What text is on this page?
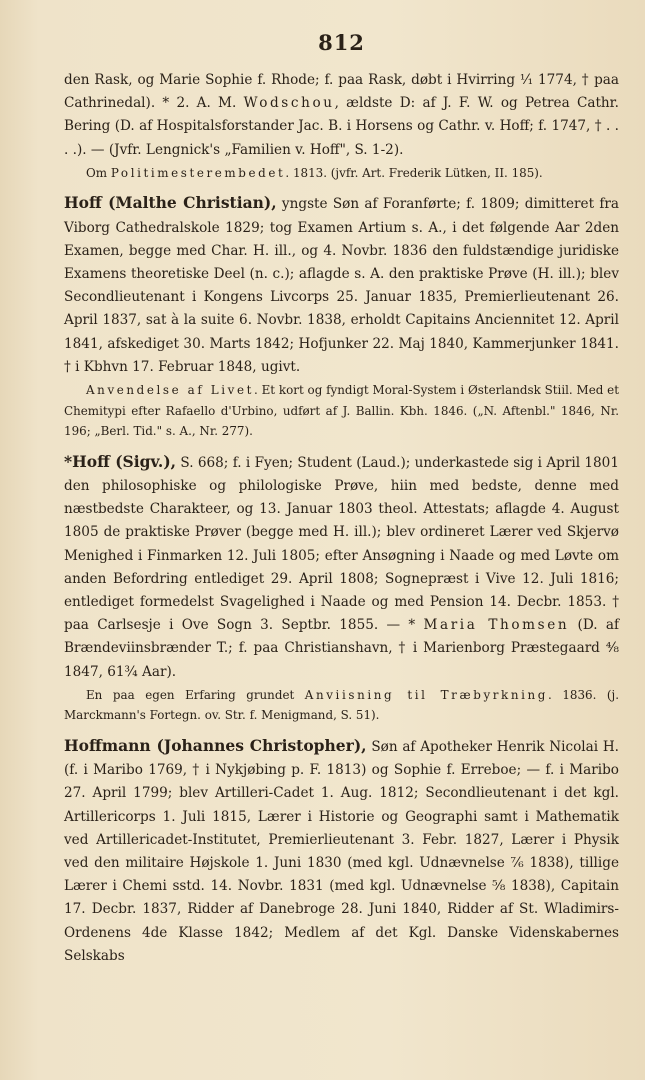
812

den Rask, og Marie Sophie f. Rhode; f. paa Rask, døbt i Hvirring ¹⁄₁ 1774, † paa Cathrinedal). * 2. A. M. Wodschou, ældste D: af J. F. W. og Petrea Cathr. Bering (D. af Hospitalsforstander Jac. B. i Horsens og Cathr. v. Hoff; f. 1747, † . . . .). — (Jvfr. Lengnick's „Familien v. Hoff", S. 1-2).

Om Politimesterembedet. 1813. (jvfr. Art. Frederik Lütken, II. 185).

Hoff (Malthe Christian), yngste Søn af Foranførte; f. 1809; dimitteret fra Viborg Cathedralskole 1829; tog Examen Artium s. A., i det følgende Aar 2den Examen, begge med Char. H. ill., og 4. Novbr. 1836 den fuldstændige juridiske Examens theoretiske Deel (n. c.); aflagde s. A. den praktiske Prøve (H. ill.); blev Secondlieutenant i Kongens Livcorps 25. Januar 1835, Premierlieutenant 26. April 1837, sat à la suite 6. Novbr. 1838, erholdt Capitains Anciennitet 12. April 1841, afskediget 30. Marts 1842; Hofjunker 22. Maj 1840, Kammerjunker 1841. † i Kbhvn 17. Februar 1848, ugivt.

Anvendelse af Livet. Et kort og fyndigt Moral-System i Østerlandsk Stiil. Med et Chemitypi efter Rafaello d'Urbino, udført af J. Ballin. Kbh. 1846. („N. Aftenbl." 1846, Nr. 196; „Berl. Tid." s. A., Nr. 277).

*Hoff (Sigv.), S. 668; f. i Fyen; Student (Laud.); underkastede sig i April 1801 den philosophiske og philologiske Prøve, hiin med bedste, denne med næstbedste Charakteer, og 13. Januar 1803 theol. Attestats; aflagde 4. August 1805 de praktiske Prøver (begge med H. ill.); blev ordineret Lærer ved Skjervø Menighed i Finmarken 12. Juli 1805; efter Ansøgning i Naade og med Løvte om anden Befordring entlediget 29. April 1808; Sognepræst i Vive 12. Juli 1816; entlediget formedelst Svagelighed i Naade og med Pension 14. Decbr. 1853. † paa Carlsesje i Ove Sogn 3. Septbr. 1855. — * Maria Thomsen (D. af Brændeviinsbrænder T.; f. paa Christianshavn, † i Marienborg Præstegaard ⁴⁄₈ 1847, 61¾ Aar).

En paa egen Erfaring grundet Anviisning til Træbyrkning. 1836. (j. Marckmann's Fortegn. ov. Str. f. Menigmand, S. 51).

Hoffmann (Johannes Christopher), Søn af Apotheker Henrik Nicolai H. (f. i Maribo 1769, † i Nykjøbing p. F. 1813) og Sophie f. Erreboe; — f. i Maribo 27. April 1799; blev Artilleri-Cadet 1. Aug. 1812; Secondlieutenant i det kgl. Artillericorps 1. Juli 1815, Lærer i Historie og Geographi samt i Mathematik ved Artillericadet-Institutet, Premierlieutenant 3. Febr. 1827, Lærer i Physik ved den militaire Højskole 1. Juni 1830 (med kgl. Udnævnelse ⁷⁄₆ 1838), tillige Lærer i Chemi sstd. 14. Novbr. 1831 (med kgl. Udnævnelse ⁵⁄₈ 1838), Capitain 17. Decbr. 1837, Ridder af Danebroge 28. Juni 1840, Ridder af St. Wladimirs-Ordenens 4de Klasse 1842; Medlem af det Kgl. Danske Videnskabernes Selskabs
